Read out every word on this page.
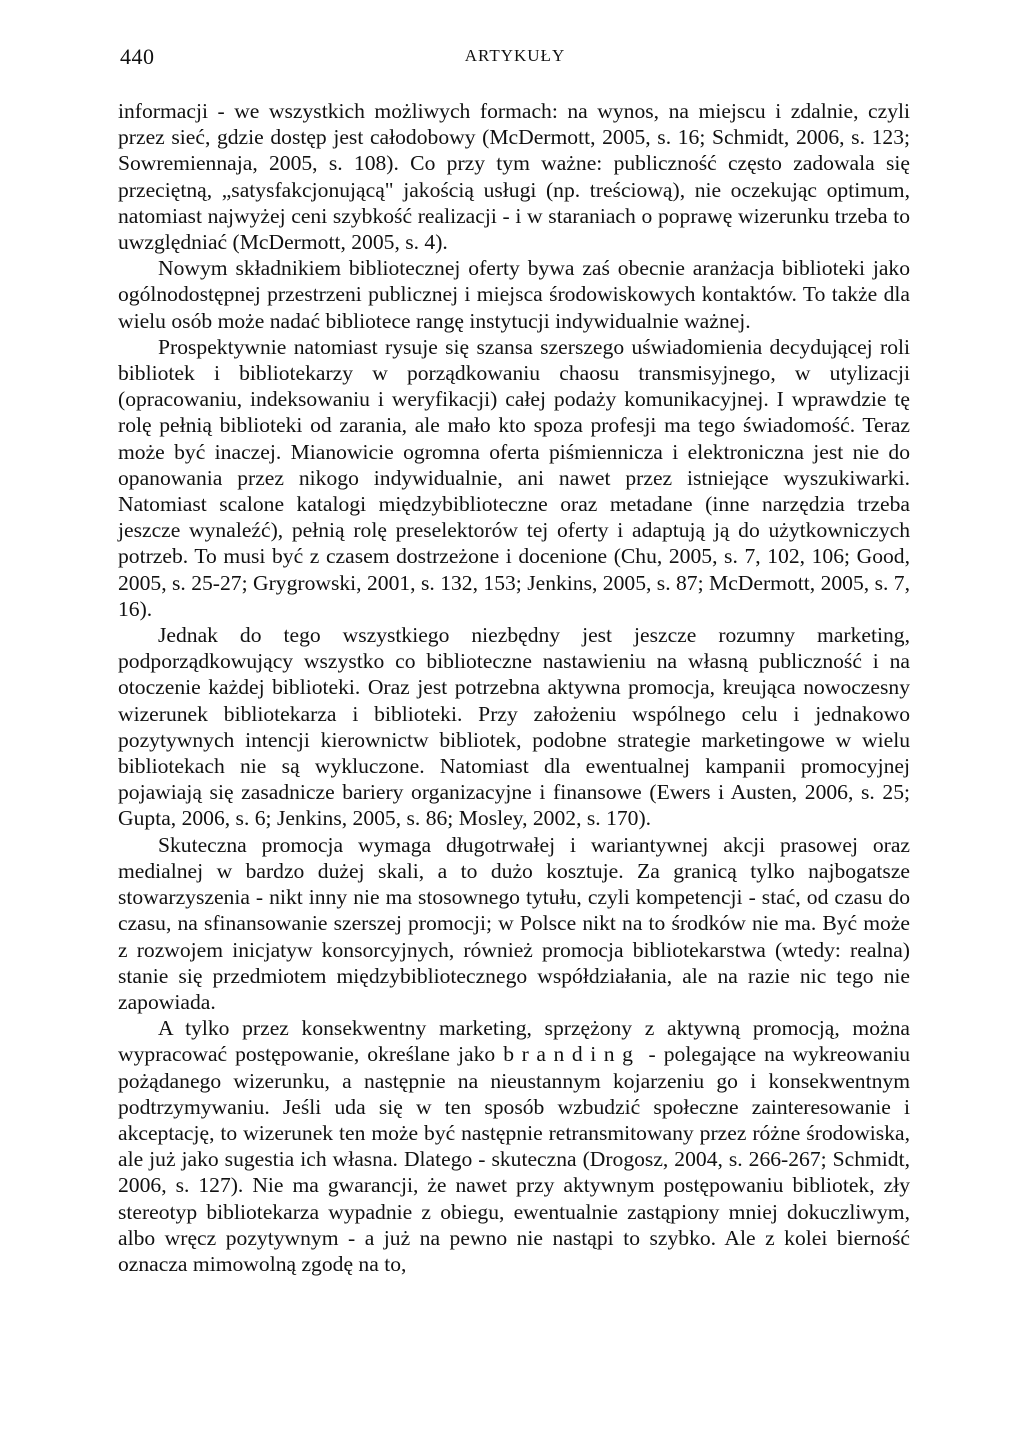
440	ARTYKUŁY

informacji - we wszystkich możliwych formach: na wynos, na miejscu i zdalnie, czyli przez sieć, gdzie dostęp jest całodobowy (McDermott, 2005, s. 16; Schmidt, 2006, s. 123; Sowremiennaja, 2005, s. 108). Co przy tym ważne: publiczność często zadowala się przeciętną, „satysfakcjonującą" jakością usługi (np. treściową), nie oczekując optimum, natomiast najwyżej ceni szybkość realizacji - i w staraniach o poprawę wizerunku trzeba to uwzględniać (McDermott, 2005, s. 4).

Nowym składnikiem bibliotecznej oferty bywa zaś obecnie aranżacja biblioteki jako ogólnodostępnej przestrzeni publicznej i miejsca środowiskowych kontaktów. To także dla wielu osób może nadać bibliotece rangę instytucji indywidualnie ważnej.

Prospektywnie natomiast rysuje się szansa szerszego uświadomienia decydującej roli bibliotek i bibliotekarzy w porządkowaniu chaosu transmisyjnego, w utylizacji (opracowaniu, indeksowaniu i weryfikacji) całej podaży komunikacyjnej. I wprawdzie tę rolę pełnią biblioteki od zarania, ale mało kto spoza profesji ma tego świadomość. Teraz może być inaczej. Mianowicie ogromna oferta piśmiennicza i elektroniczna jest nie do opanowania przez nikogo indywidualnie, ani nawet przez istniejące wyszukiwarki. Natomiast scalone katalogi międzybiblioteczne oraz metadane (inne narzędzia trzeba jeszcze wynaleźć), pełnią rolę preselektorów tej oferty i adaptują ją do użytkowniczych potrzeb. To musi być z czasem dostrzeżone i docenione (Chu, 2005, s. 7, 102, 106; Good, 2005, s. 25-27; Grygrowski, 2001, s. 132, 153; Jenkins, 2005, s. 87; McDermott, 2005, s. 7, 16).

Jednak do tego wszystkiego niezbędny jest jeszcze rozumny marketing, podporządkowujący wszystko co biblioteczne nastawieniu na własną publiczność i na otoczenie każdej biblioteki. Oraz jest potrzebna aktywna promocja, kreująca nowoczesny wizerunek bibliotekarza i biblioteki. Przy założeniu wspólnego celu i jednakowo pozytywnych intencji kierownictw bibliotek, podobne strategie marketingowe w wielu bibliotekach nie są wykluczone. Natomiast dla ewentualnej kampanii promocyjnej pojawiają się zasadnicze bariery organizacyjne i finansowe (Ewers i Austen, 2006, s. 25; Gupta, 2006, s. 6; Jenkins, 2005, s. 86; Mosley, 2002, s. 170).

Skuteczna promocja wymaga długotrwałej i wariantywnej akcji prasowej oraz medialnej w bardzo dużej skali, a to dużo kosztuje. Za granicą tylko najbogatsze stowarzyszenia - nikt inny nie ma stosownego tytułu, czyli kompetencji - stać, od czasu do czasu, na sfinansowanie szerszej promocji; w Polsce nikt na to środków nie ma. Być może z rozwojem inicjatyw konsorcyjnych, również promocja bibliotekarstwa (wtedy: realna) stanie się przedmiotem międzybibliotecznego współdziałania, ale na razie nic tego nie zapowiada.

A tylko przez konsekwentny marketing, sprzężony z aktywną promocją, można wypracować postępowanie, określane jako branding - polegające na wykreowaniu pożądanego wizerunku, a następnie na nieustannym kojarzeniu go i konsekwentnym podtrzymywaniu. Jeśli uda się w ten sposób wzbudzić społeczne zainteresowanie i akceptację, to wizerunek ten może być następnie retransmitowany przez różne środowiska, ale już jako sugestia ich własna. Dlatego - skuteczna (Drogosz, 2004, s. 266-267; Schmidt, 2006, s. 127). Nie ma gwarancji, że nawet przy aktywnym postępowaniu bibliotek, zły stereotyp bibliotekarza wypadnie z obiegu, ewentualnie zastąpiony mniej dokuczliwym, albo wręcz pozytywnym - a już na pewno nie nastąpi to szybko. Ale z kolei bierność oznacza mimowolną zgodę na to,
